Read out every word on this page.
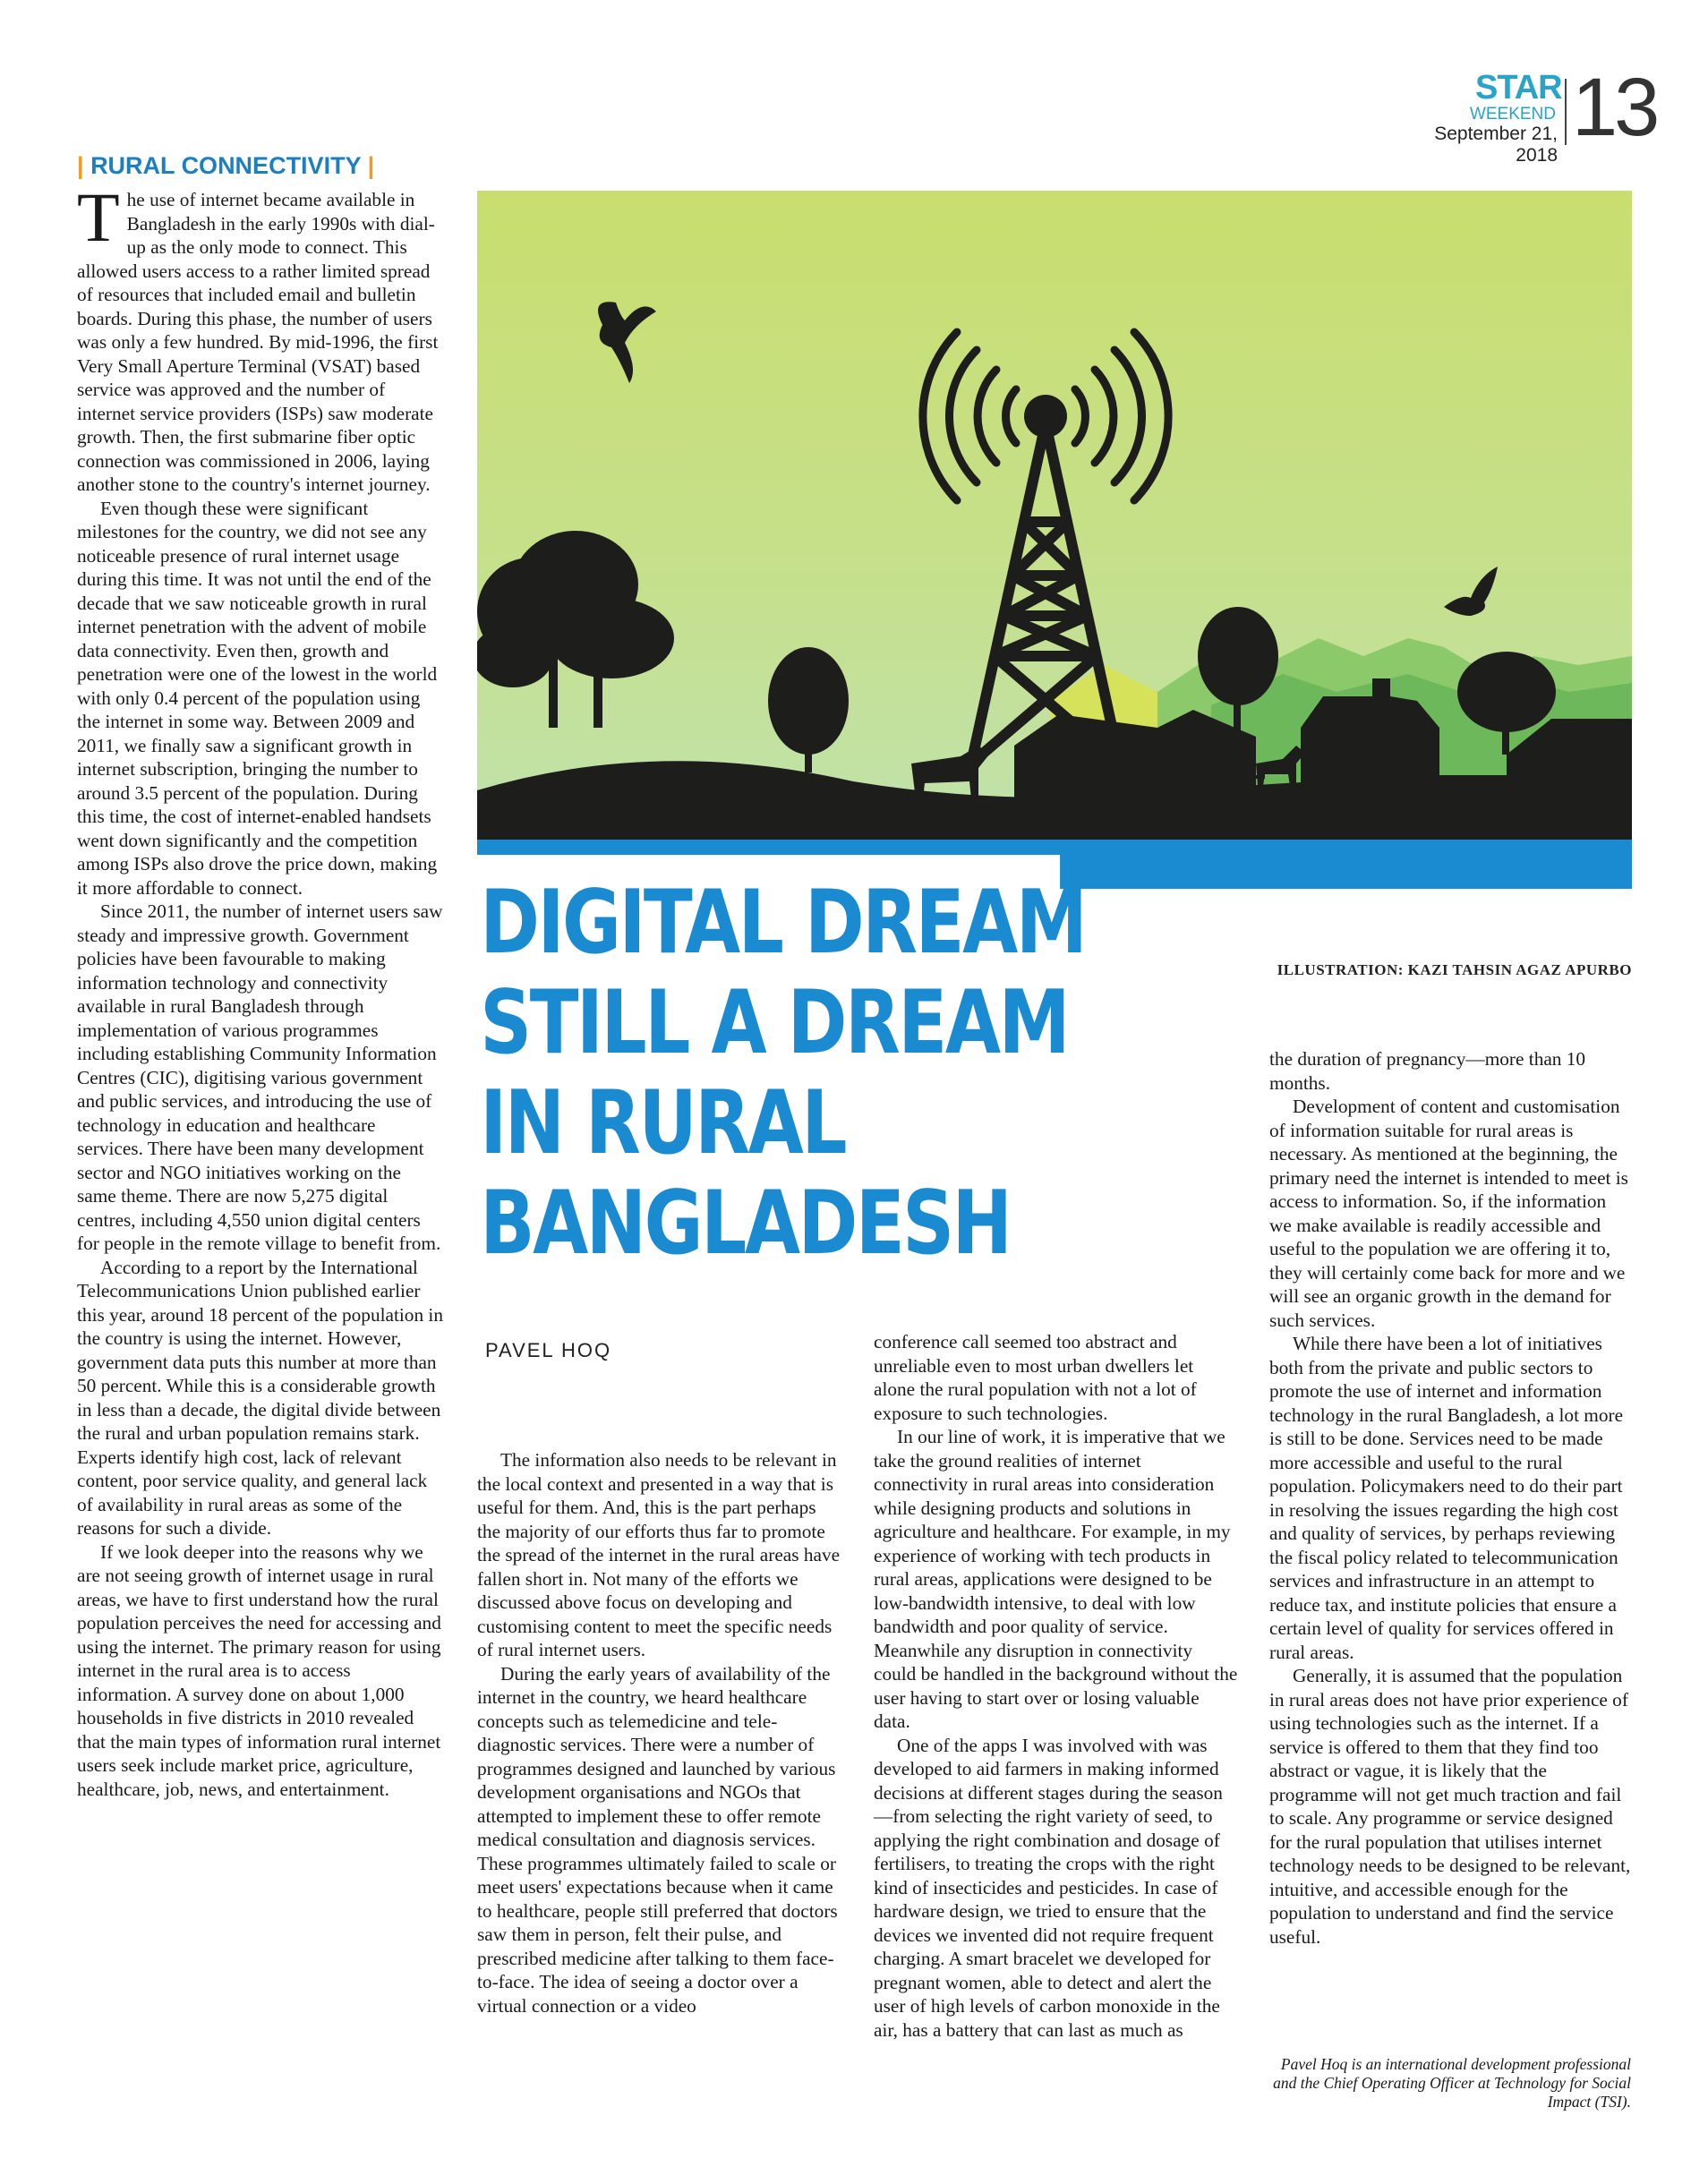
STAR
WEEKEND
September 21, 2018
13
| RURAL CONNECTIVITY |
DIGITAL DREAM
STILL A DREAM
IN RURAL
BANGLADESH
ILLUSTRATION: KAZI TAHSIN AGAZ APURBO
PAVEL HOQ

The use of internet became available in Bangladesh in the early 1990s with dial-up as the only mode to connect. This allowed users access to a rather limited spread of resources that included email and bulletin boards. During this phase, the number of users was only a few hundred. By mid-1996, the first Very Small Aperture Terminal (VSAT) based service was approved and the number of internet service providers (ISPs) saw moderate growth. Then, the first submarine fiber optic connection was commissioned in 2006, laying another stone to the country's internet journey.

Even though these were significant milestones for the country, we did not see any noticeable presence of rural internet usage during this time. It was not until the end of the decade that we saw noticeable growth in rural internet penetration with the advent of mobile data connectivity. Even then, growth and penetration were one of the lowest in the world with only 0.4 percent of the population using the internet in some way. Between 2009 and 2011, we finally saw a significant growth in internet subscription, bringing the number to around 3.5 percent of the population. During this time, the cost of internet-enabled handsets went down significantly and the competition among ISPs also drove the price down, making it more affordable to connect.

Since 2011, the number of internet users saw steady and impressive growth. Government policies have been favourable to making information technology and connectivity available in rural Bangladesh through implementation of various programmes including establishing Community Information Centres (CIC), digitising various government and public services, and introducing the use of technology in education and healthcare services. There have been many development sector and NGO initiatives working on the same theme. There are now 5,275 digital centres, including 4,550 union digital centers for people in the remote village to benefit from.

According to a report by the International Telecommunications Union published earlier this year, around 18 percent of the population in the country is using the internet. However, government data puts this number at more than 50 percent. While this is a considerable growth in less than a decade, the digital divide between the rural and urban population remains stark. Experts identify high cost, lack of relevant content, poor service quality, and general lack of availability in rural areas as some of the reasons for such a divide.

If we look deeper into the reasons why we are not seeing growth of internet usage in rural areas, we have to first understand how the rural population perceives the need for accessing and using the internet. The primary reason for using internet in the rural area is to access information. A survey done on about 1,000 households in five districts in 2010 revealed that the main types of information rural internet users seek include market price, agriculture, healthcare, job, news, and entertainment.

The information also needs to be relevant in the local context and presented in a way that is useful for them. And, this is the part perhaps the majority of our efforts thus far to promote the spread of the internet in the rural areas have fallen short in. Not many of the efforts we discussed above focus on developing and customising content to meet the specific needs of rural internet users.

During the early years of availability of the internet in the country, we heard healthcare concepts such as telemedicine and tele-diagnostic services. There were a number of programmes designed and launched by various development organisations and NGOs that attempted to implement these to offer remote medical consultation and diagnosis services. These programmes ultimately failed to scale or meet users' expectations because when it came to healthcare, people still preferred that doctors saw them in person, felt their pulse, and prescribed medicine after talking to them face-to-face. The idea of seeing a doctor over a virtual connection or a video

conference call seemed too abstract and unreliable even to most urban dwellers let alone the rural population with not a lot of exposure to such technologies.

In our line of work, it is imperative that we take the ground realities of internet connectivity in rural areas into consideration while designing products and solutions in agriculture and healthcare. For example, in my experience of working with tech products in rural areas, applications were designed to be low-bandwidth intensive, to deal with low bandwidth and poor quality of service. Meanwhile any disruption in connectivity could be handled in the background without the user having to start over or losing valuable data.

One of the apps I was involved with was developed to aid farmers in making informed decisions at different stages during the season—from selecting the right variety of seed, to applying the right combination and dosage of fertilisers, to treating the crops with the right kind of insecticides and pesticides. In case of hardware design, we tried to ensure that the devices we invented did not require frequent charging. A smart bracelet we developed for pregnant women, able to detect and alert the user of high levels of carbon monoxide in the air, has a battery that can last as much as

the duration of pregnancy—more than 10 months.

Development of content and customisation of information suitable for rural areas is necessary. As mentioned at the beginning, the primary need the internet is intended to meet is access to information. So, if the information we make available is readily accessible and useful to the population we are offering it to, they will certainly come back for more and we will see an organic growth in the demand for such services.

While there have been a lot of initiatives both from the private and public sectors to promote the use of internet and information technology in the rural Bangladesh, a lot more is still to be done. Services need to be made more accessible and useful to the rural population. Policymakers need to do their part in resolving the issues regarding the high cost and quality of services, by perhaps reviewing the fiscal policy related to telecommunication services and infrastructure in an attempt to reduce tax, and institute policies that ensure a certain level of quality for services offered in rural areas.

Generally, it is assumed that the population in rural areas does not have prior experience of using technologies such as the internet. If a service is offered to them that they find too abstract or vague, it is likely that the programme will not get much traction and fail to scale. Any programme or service designed for the rural population that utilises internet technology needs to be designed to be relevant, intuitive, and accessible enough for the population to understand and find the service useful.

Pavel Hoq is an international development professional and the Chief Operating Officer at Technology for Social Impact (TSI).
